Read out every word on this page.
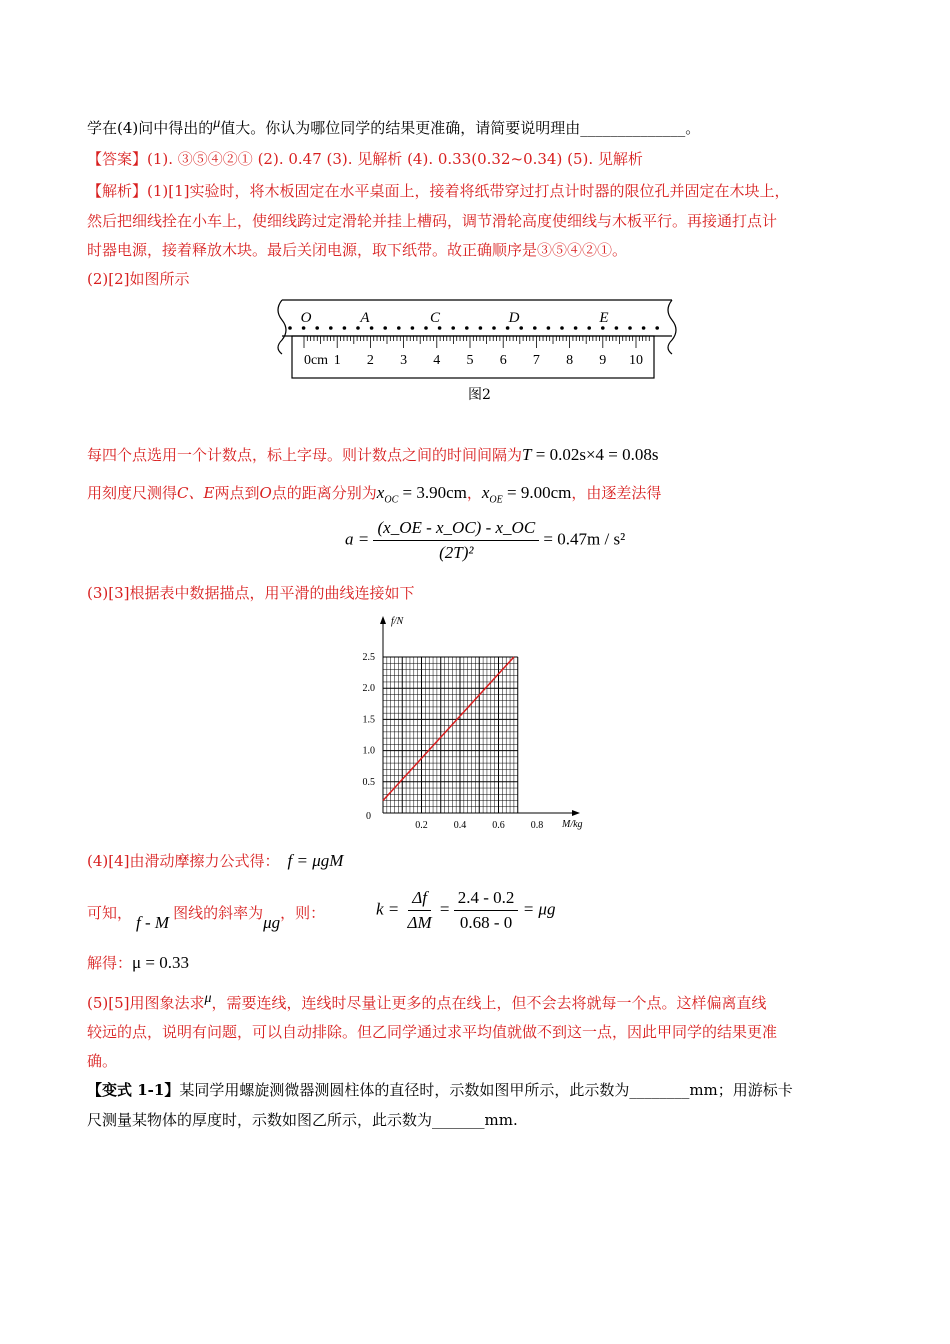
学在(4)问中得出的μ值大。你认为哪位同学的结果更准确，请简要说明理由______________。
【答案】(1). ③⑤④②① (2). 0.47 (3). 见解析 (4). 0.33(0.32~0.34) (5). 见解析
【解析】(1)[1]实验时，将木板固定在水平桌面上，接着将纸带穿过打点计时器的限位孔并固定在木块上，
然后把细线拴在小车上，使细线跨过定滑轮并挂上槽码，调节滑轮高度使细线与木板平行。再接通打点计
时器电源，接着释放木块。最后关闭电源，取下纸带。故正确顺序是③⑤④②①。
(2)[2]如图所示
O	A	C	D	E
0cm 1 2 3 4 5 6 7 8 9 10
图2
每四个点选用一个计数点，标上字母。则计数点之间的时间间隔为T = 0.02s×4 = 0.08s
用刻度尺测得C、E两点到O点的距离分别为$x_{OC} = 3.90cm$，$x_{OE} = 9.00cm$，由逐差法得
$a = \frac{(x\_OE - x\_OC) - x\_OC}{\text{(2T)²}} = 0.47m / s^2$
(3)[3]根据表中数据描点，用平滑的曲线连接如下
0.2	0.4	0.6	0.8
0.5
1.0
1.5
2.0
2.5
0
M/kg
f/N
(4)[4]由滑动摩擦力公式得： f = μgM
可知， f - M 图线的斜率为μg，则：	$k = \frac{\Delta f}{\Delta M} = \frac{2.4 - 0.2}{0.68 - 0} = \mu g$
解得：μ = 0.33
(5)[5]用图象法求μ，需要连线，连线时尽量让更多的点在线上，但不会去将就每一个点。这样偏离直线
较远的点，说明有问题，可以自动排除。但乙同学通过求平均值就做不到这一点，因此甲同学的结果更准
确。
【变式 1-1】某同学用螺旋测微器测圆柱体的直径时，示数如图甲所示，此示数为________mm；用游标卡
尺测量某物体的厚度时，示数如图乙所示，此示数为_______mm.
